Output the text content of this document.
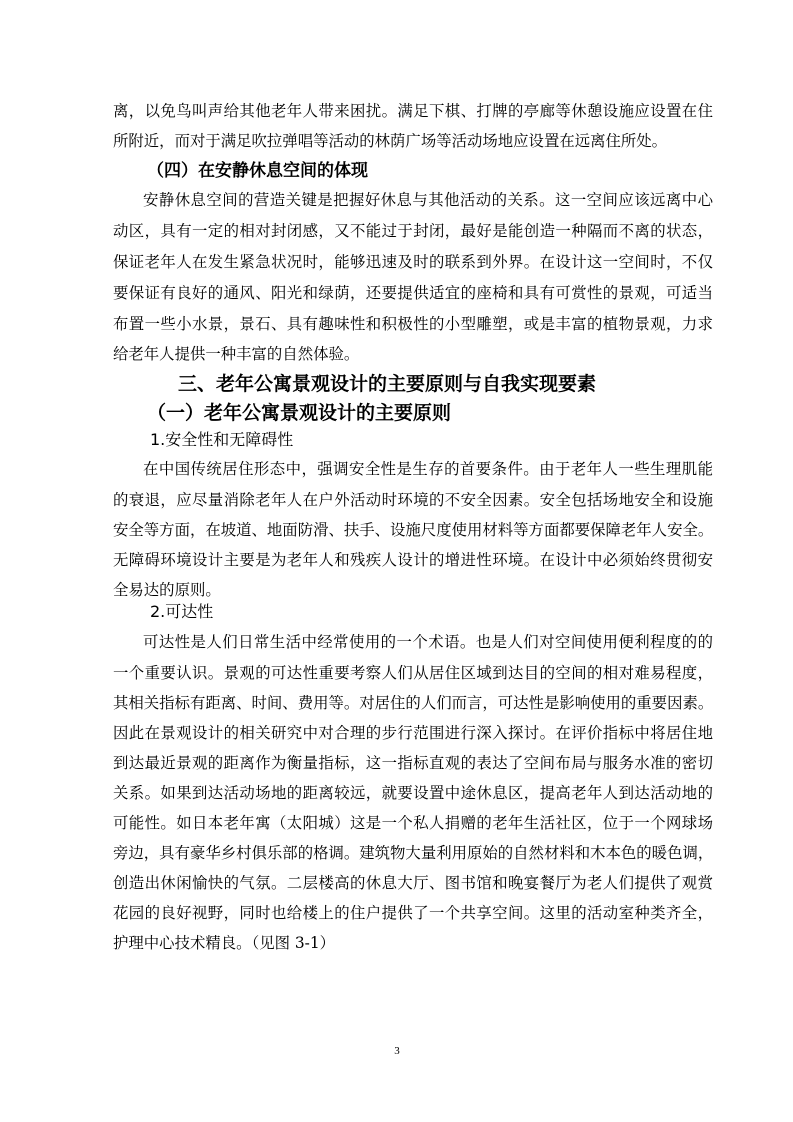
离，以免鸟叫声给其他老年人带来困扰。满足下棋、打牌的亭廊等休憩设施应设置在住
所附近，而对于满足吹拉弹唱等活动的林荫广场等活动场地应设置在远离住所处。
（四）在安静休息空间的体现
安静休息空间的营造关键是把握好休息与其他活动的关系。这一空间应该远离中心
动区，具有一定的相对封闭感，又不能过于封闭，最好是能创造一种隔而不离的状态，
保证老年人在发生紧急状况时，能够迅速及时的联系到外界。在设计这一空间时，不仅
要保证有良好的通风、阳光和绿荫，还要提供适宜的座椅和具有可赏性的景观，可适当
布置一些小水景，景石、具有趣味性和积极性的小型雕塑，或是丰富的植物景观，力求
给老年人提供一种丰富的自然体验。
三、老年公寓景观设计的主要原则与自我实现要素
（一）老年公寓景观设计的主要原则
1.安全性和无障碍性
在中国传统居住形态中，强调安全性是生存的首要条件。由于老年人一些生理肌能
的衰退，应尽量消除老年人在户外活动时环境的不安全因素。安全包括场地安全和设施
安全等方面，在坡道、地面防滑、扶手、设施尺度使用材料等方面都要保障老年人安全。
无障碍环境设计主要是为老年人和残疾人设计的增进性环境。在设计中必须始终贯彻安
全易达的原则。
2.可达性
可达性是人们日常生活中经常使用的一个术语。也是人们对空间使用便利程度的的
一个重要认识。景观的可达性重要考察人们从居住区域到达目的空间的相对难易程度，
其相关指标有距离、时间、费用等。对居住的人们而言，可达性是影响使用的重要因素。
因此在景观设计的相关研究中对合理的步行范围进行深入探讨。在评价指标中将居住地
到达最近景观的距离作为衡量指标，这一指标直观的表达了空间布局与服务水准的密切
关系。如果到达活动场地的距离较远，就要设置中途休息区，提高老年人到达活动地的
可能性。如日本老年寓（太阳城）这是一个私人捐赠的老年生活社区，位于一个网球场
旁边，具有豪华乡村俱乐部的格调。建筑物大量利用原始的自然材料和木本色的暖色调，
创造出休闲愉快的气氛。二层楼高的休息大厅、图书馆和晚宴餐厅为老人们提供了观赏
花园的良好视野，同时也给楼上的住户提供了一个共享空间。这里的活动室种类齐全，
护理中心技术精良。（见图 3-1）
3
